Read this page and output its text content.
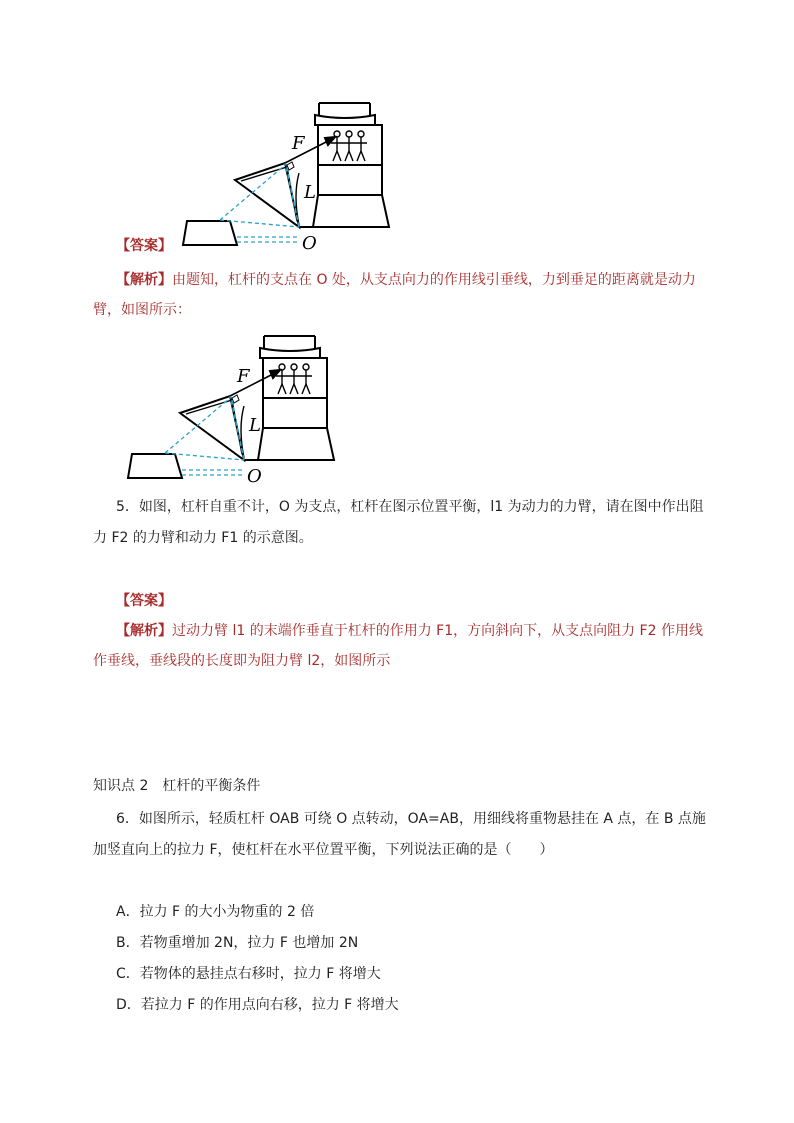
F
L
O
【答案】
【解析】由题知，杠杆的支点在 O 处，从支点向力的作用线引垂线，力到垂足的距离就是动力
臂，如图所示：
F
L
O
5．如图，杠杆自重不计，O 为支点，杠杆在图示位置平衡，l1 为动力的力臂，请在图中作出阻
力 F2 的力臂和动力 F1 的示意图。
【答案】
【解析】过动力臂 l1 的末端作垂直于杠杆的作用力 F1，方向斜向下，从支点向阻力 F2 作用线
作垂线，垂线段的长度即为阻力臂 l2，如图所示
知识点 2　杠杆的平衡条件
6．如图所示，轻质杠杆 OAB 可绕 O 点转动，OA=AB，用细线将重物悬挂在 A 点，在 B 点施
加竖直向上的拉力 F，使杠杆在水平位置平衡，下列说法正确的是（　　）
A．拉力 F 的大小为物重的 2 倍
B．若物重增加 2N，拉力 F 也增加 2N
C．若物体的悬挂点右移时，拉力 F 将增大
D．若拉力 F 的作用点向右移，拉力 F 将增大
